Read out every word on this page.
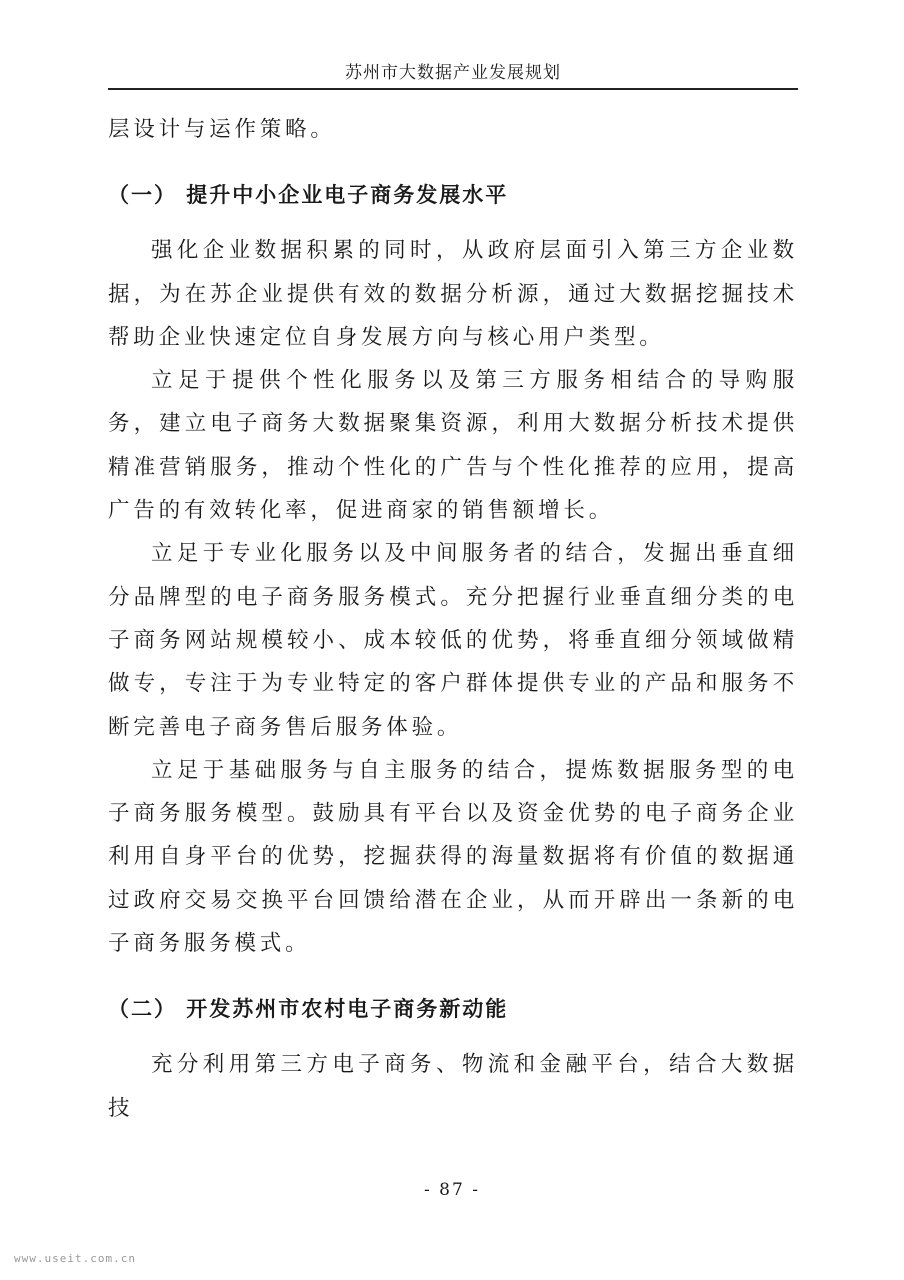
苏州市大数据产业发展规划

层设计与运作策略。

（一） 提升中小企业电子商务发展水平

强化企业数据积累的同时，从政府层面引入第三方企业数据，为在苏企业提供有效的数据分析源，通过大数据挖掘技术帮助企业快速定位自身发展方向与核心用户类型。

立足于提供个性化服务以及第三方服务相结合的导购服务，建立电子商务大数据聚集资源，利用大数据分析技术提供精准营销服务，推动个性化的广告与个性化推荐的应用，提高广告的有效转化率，促进商家的销售额增长。

立足于专业化服务以及中间服务者的结合，发掘出垂直细分品牌型的电子商务服务模式。充分把握行业垂直细分类的电子商务网站规模较小、成本较低的优势，将垂直细分领域做精做专，专注于为专业特定的客户群体提供专业的产品和服务不断完善电子商务售后服务体验。

立足于基础服务与自主服务的结合，提炼数据服务型的电子商务服务模型。鼓励具有平台以及资金优势的电子商务企业利用自身平台的优势，挖掘获得的海量数据将有价值的数据通过政府交易交换平台回馈给潜在企业，从而开辟出一条新的电子商务服务模式。

（二） 开发苏州市农村电子商务新动能

充分利用第三方电子商务、物流和金融平台，结合大数据技

- 87 -
www.useit.com.cn
